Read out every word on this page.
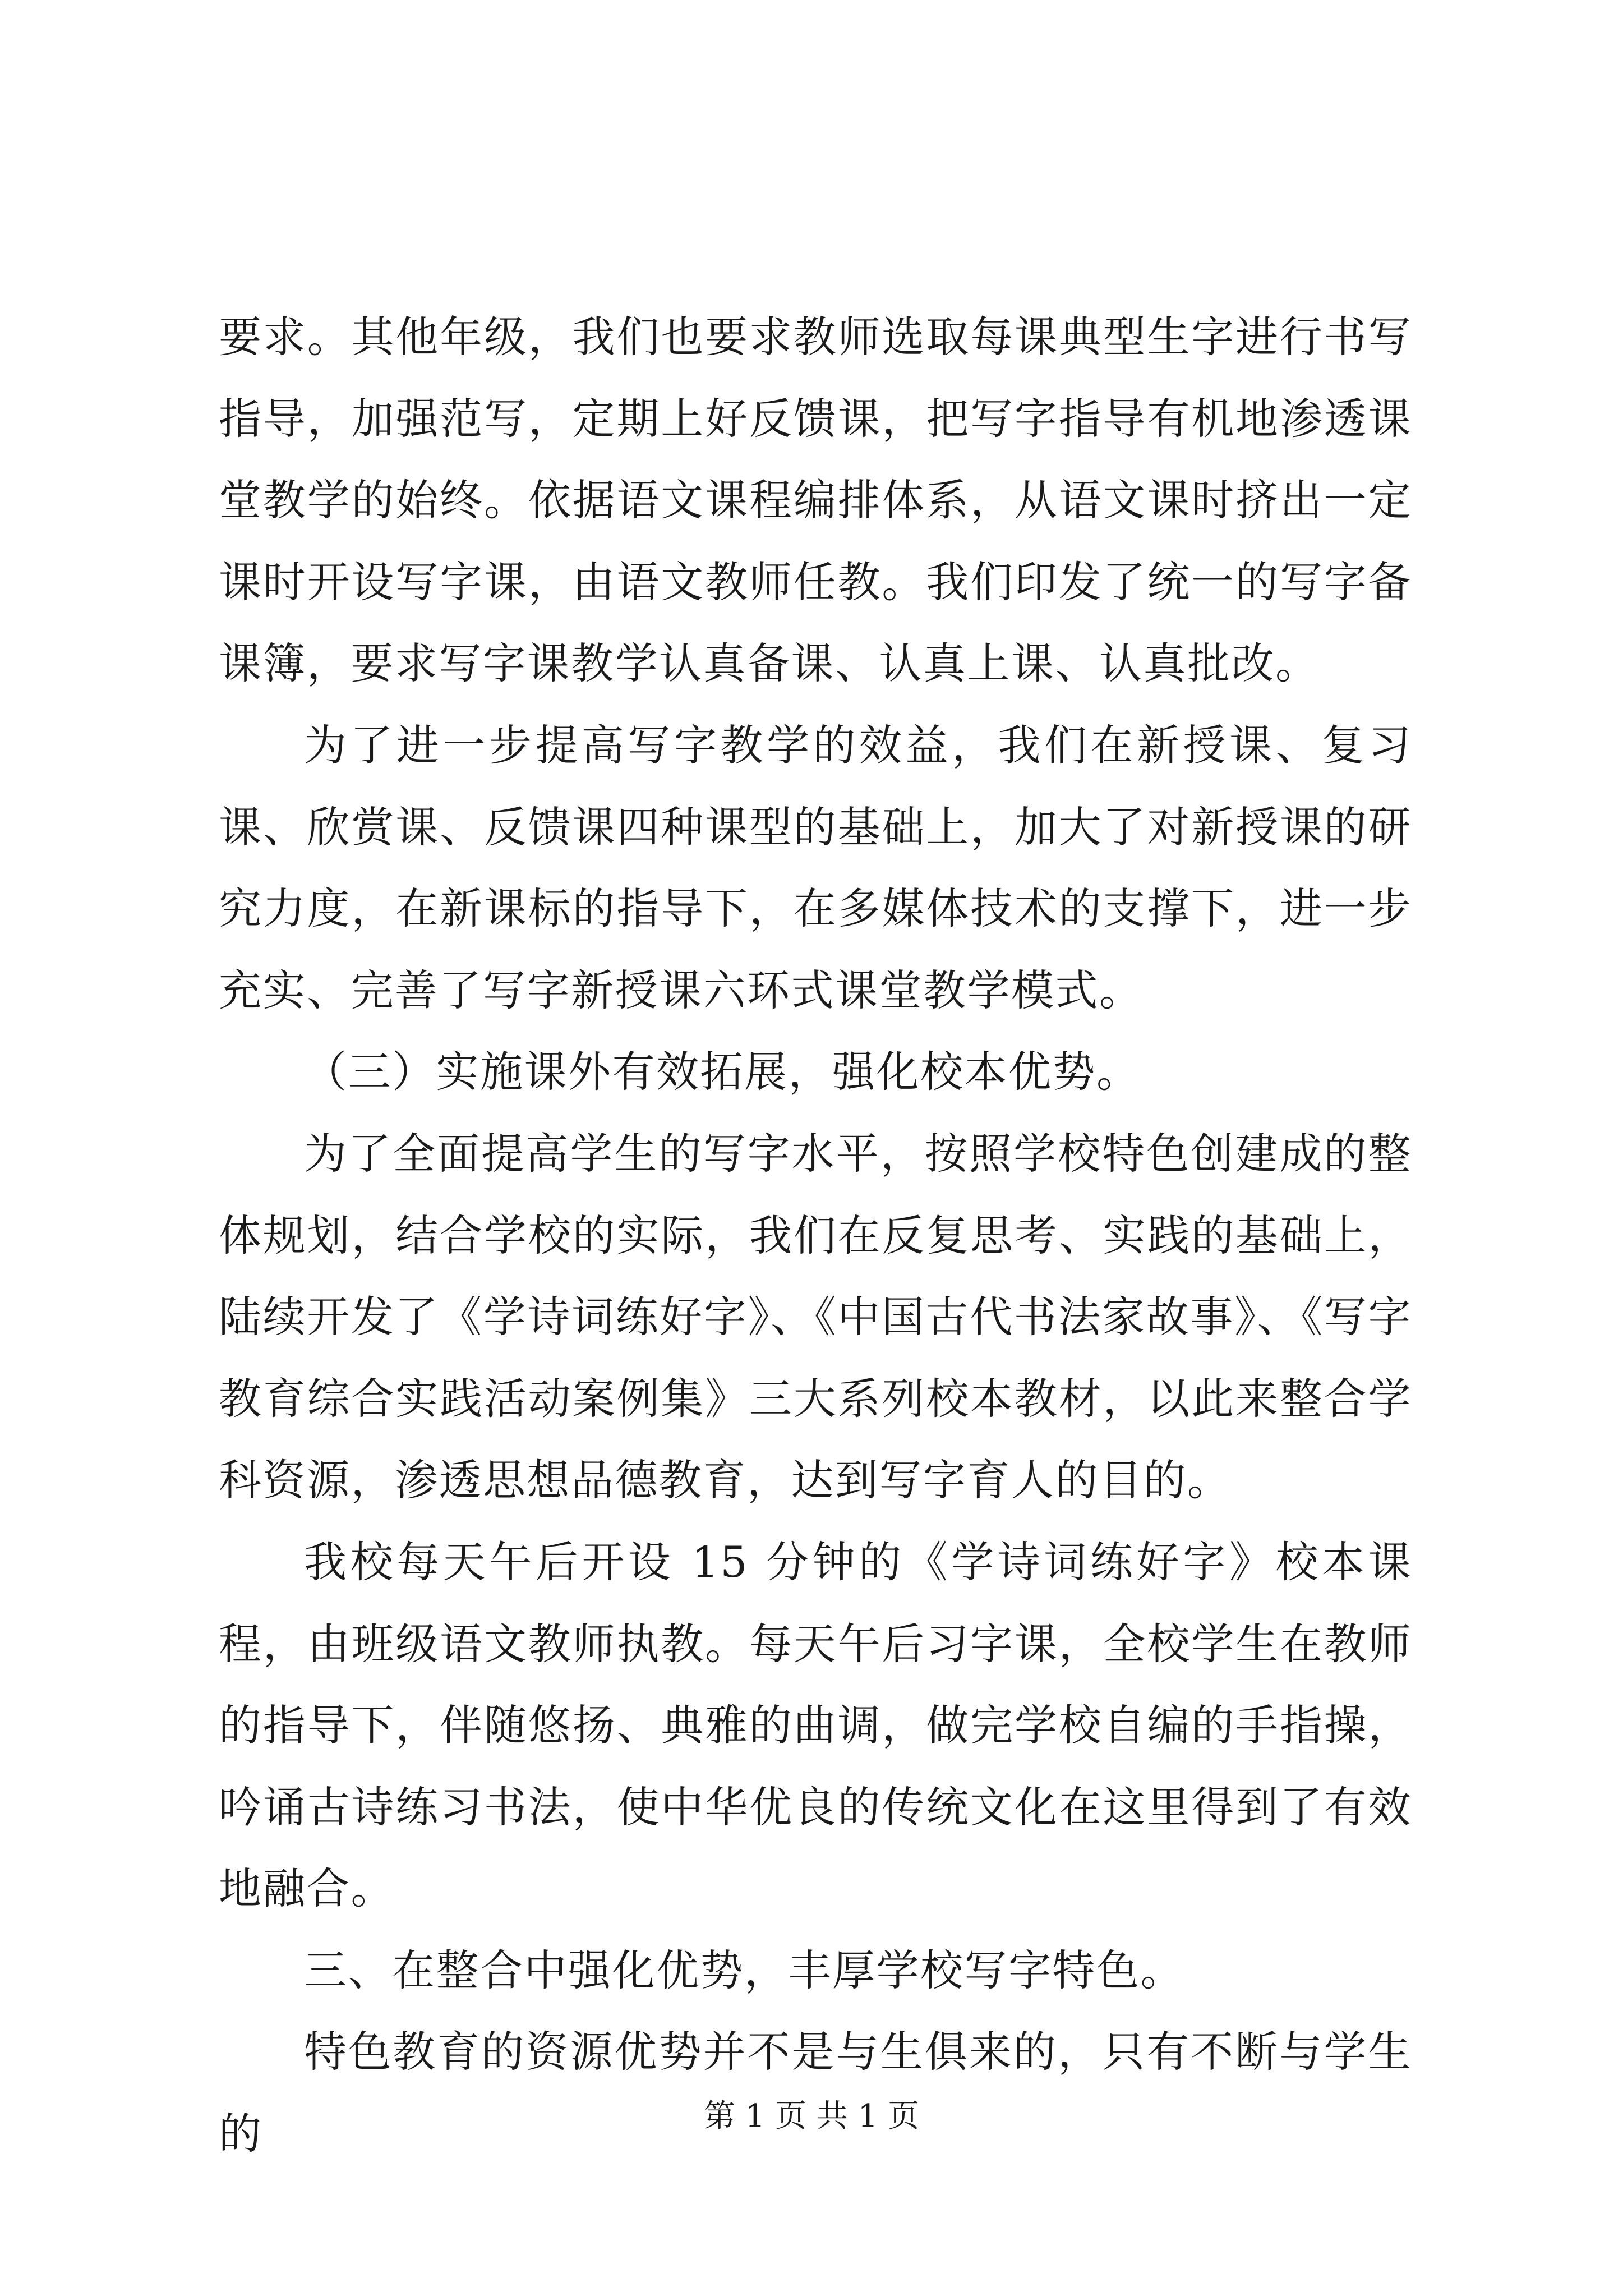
要求。其他年级，我们也要求教师选取每课典型生字进行书写指导，加强范写，定期上好反馈课，把写字指导有机地渗透课堂教学的始终。依据语文课程编排体系，从语文课时挤出一定课时开设写字课，由语文教师任教。我们印发了统一的写字备课簿，要求写字课教学认真备课、认真上课、认真批改。

为了进一步提高写字教学的效益，我们在新授课、复习课、欣赏课、反馈课四种课型的基础上，加大了对新授课的研究力度，在新课标的指导下，在多媒体技术的支撑下，进一步充实、完善了写字新授课六环式课堂教学模式。

（三）实施课外有效拓展，强化校本优势。

为了全面提高学生的写字水平，按照学校特色创建成的整体规划，结合学校的实际，我们在反复思考、实践的基础上，陆续开发了《学诗词练好字》、《中国古代书法家故事》、《写字教育综合实践活动案例集》三大系列校本教材，以此来整合学科资源，渗透思想品德教育，达到写字育人的目的。

我校每天午后开设 15 分钟的《学诗词练好字》校本课程，由班级语文教师执教。每天午后习字课，全校学生在教师的指导下，伴随悠扬、典雅的曲调，做完学校自编的手指操，吟诵古诗练习书法，使中华优良的传统文化在这里得到了有效地融合。

三、在整合中强化优势，丰厚学校写字特色。

特色教育的资源优势并不是与生俱来的，只有不断与学生的	第 1 页 共 1 页
